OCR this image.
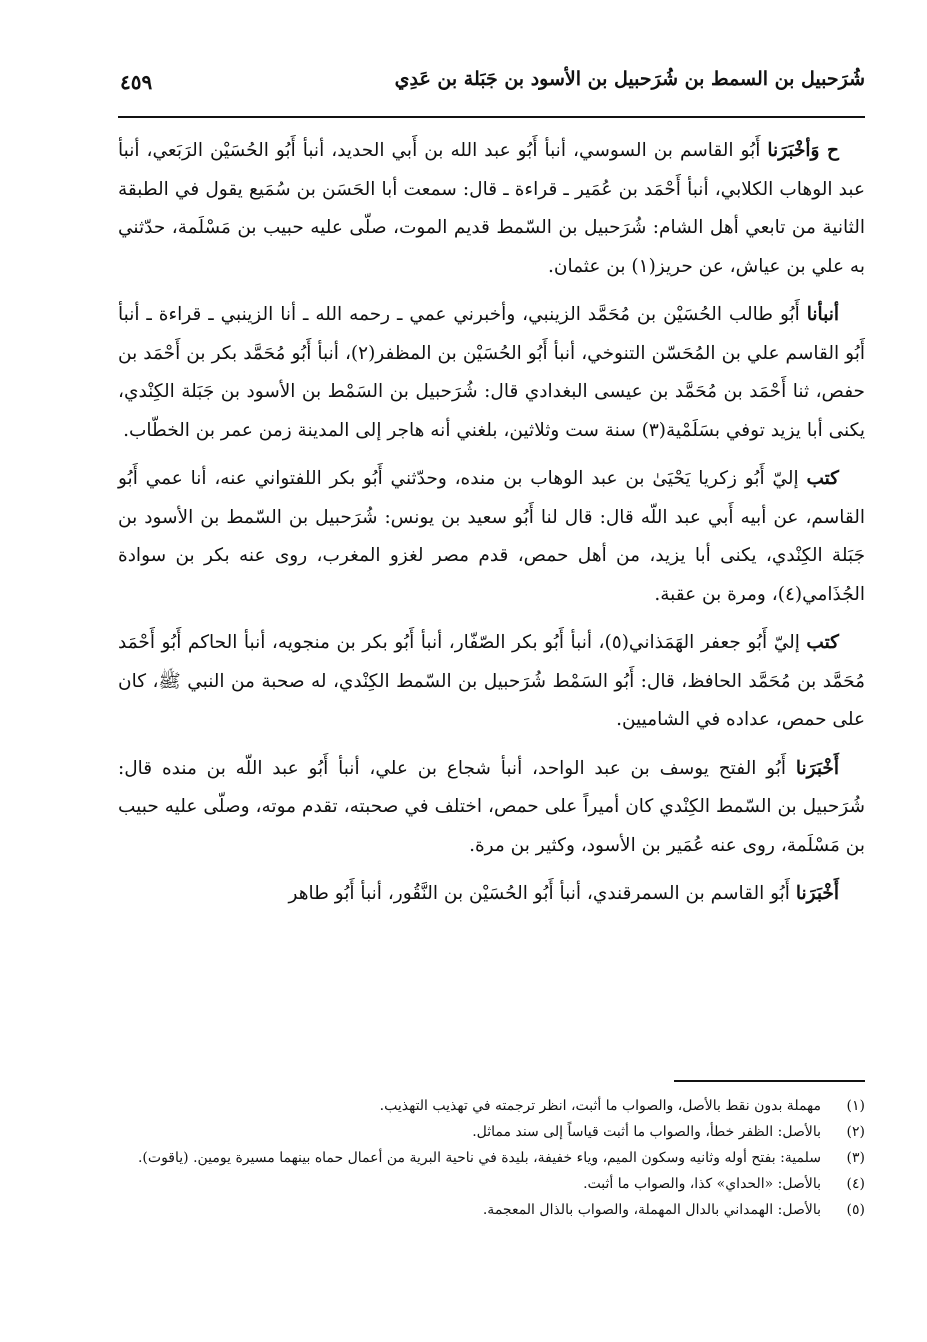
شُرَحبيل بن السمط بن شُرَحبيل بن الأسود بن جَبَلة بن عَدِي
٤٥٩

ح وَأخْبَرَنا أَبُو القاسم بن السوسي، أنبأ أَبُو عبد الله بن أَبي الحديد، أنبأ أَبُو الحُسَيْن الرَبَعي، أنبأ عبد الوهاب الكلابي، أنبأ أَحْمَد بن عُمَير ـ قراءة ـ قال: سمعت أبا الحَسَن بن سُمَيع يقول في الطبقة الثانية من تابعي أهل الشام: شُرَحبيل بن السّمط قديم الموت، صلّى عليه حبيب بن مَسْلَمة، حدّثني به علي بن عياش، عن حريز(١) بن عثمان.

أنبأنا أَبُو طالب الحُسَيْن بن مُحَمَّد الزينبي، وأخبرني عمي ـ رحمه الله ـ أنا الزينبي ـ قراءة ـ أنبأ أَبُو القاسم علي بن المُحَسّن التنوخي، أنبأ أَبُو الحُسَيْن بن المظفر(٢)، أنبأ أَبُو مُحَمَّد بكر بن أَحْمَد بن حفص، ثنا أَحْمَد بن مُحَمَّد بن عيسى البغدادي قال: شُرَحبيل بن السَمْط بن الأسود بن جَبَلة الكِنْدي، يكنى أبا يزيد توفي بسَلَمْية(٣) سنة ست وثلاثين، بلغني أنه هاجر إلى المدينة زمن عمر بن الخطّاب.

كتب إليّ أَبُو زكريا يَحْيَىٰ بن عبد الوهاب بن منده، وحدّثني أَبُو بكر اللفتواني عنه، أنا عمي أَبُو القاسم، عن أبيه أَبي عبد اللّه قال: قال لنا أَبُو سعيد بن يونس: شُرَحبيل بن السّمط بن الأسود بن جَبَلة الكِنْدي، يكنى أبا يزيد، من أهل حمص، قدم مصر لغزو المغرب، روى عنه بكر بن سوادة الجُذَامي(٤)، ومرة بن عقبة.

كتب إليّ أَبُو جعفر الهَمَذاني(٥)، أنبأ أَبُو بكر الصّفّار، أنبأ أَبُو بكر بن منجويه، أنبأ الحاكم أَبُو أَحْمَد مُحَمَّد بن مُحَمَّد الحافظ، قال: أَبُو السَمْط شُرَحبيل بن السّمط الكِنْدي، له صحبة من النبي ﷺ، كان على حمص، عداده في الشاميين.

أَخْبَرَنا أَبُو الفتح يوسف بن عبد الواحد، أنبأ شجاع بن علي، أنبأ أَبُو عبد اللّه بن منده قال: شُرَحبيل بن السّمط الكِنْدي كان أميراً على حمص، اختلف في صحبته، تقدم موته، وصلّى عليه حبيب بن مَسْلَمة، روى عنه عُمَير بن الأسود، وكثير بن مرة.

أَخْبَرَنا أَبُو القاسم بن السمرقندي، أنبأ أَبُو الحُسَيْن بن النَّقُور، أنبأ أَبُو طاهر

(١)
مهملة بدون نقط بالأصل، والصواب ما أثبت، انظر ترجمته في تهذيب التهذيب.
(٢)
بالأصل: الظفر خطأ، والصواب ما أثبت قياساً إلى سند مماثل.
(٣)
سلمية: بفتح أوله وثانيه وسكون الميم، وياء خفيفة، بليدة في ناحية البرية من أعمال حماه بينهما مسيرة يومين. (ياقوت).
(٤)
بالأصل: «الحداي» كذا، والصواب ما أثبت.
(٥)
بالأصل: الهمداني بالدال المهملة، والصواب بالذال المعجمة.
